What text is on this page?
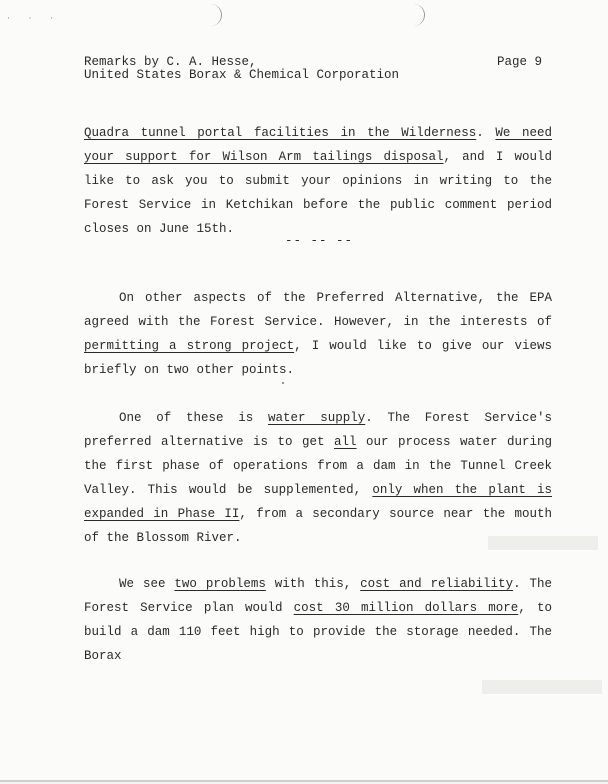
· · ·
Remarks by C. A. Hesse,
United States Borax & Chemical Corporation
Page 9
Quadra tunnel portal facilities in the Wilderness. We need your support for Wilson Arm tailings disposal, and I would like to ask you to submit your opinions in writing to the Forest Service in Ketchikan before the public comment period closes on June 15th.
-- -- --
On other aspects of the Preferred Alternative, the EPA agreed with the Forest Service. However, in the interests of permitting a strong project, I would like to give our views briefly on two other points.
One of these is water supply. The Forest Service's preferred alternative is to get all our process water during the first phase of operations from a dam in the Tunnel Creek Valley. This would be supplemented, only when the plant is expanded in Phase II, from a secondary source near the mouth of the Blossom River.
We see two problems with this, cost and reliability. The Forest Service plan would cost 30 million dollars more, to build a dam 110 feet high to provide the storage needed. The Borax
